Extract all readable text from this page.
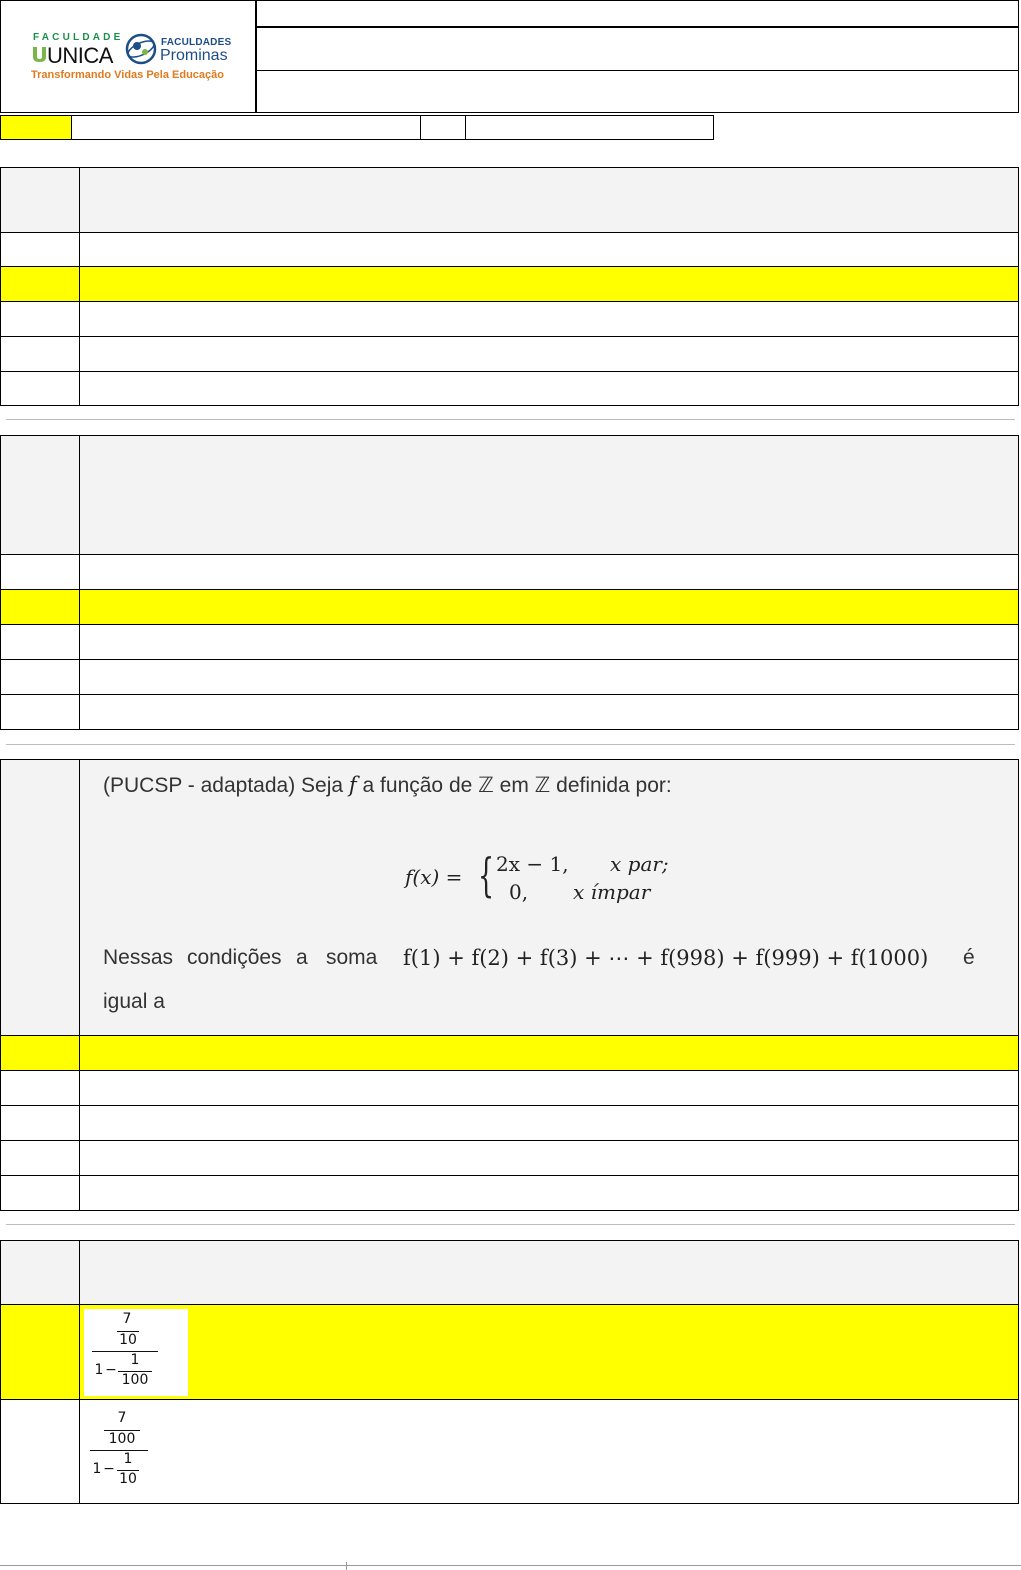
FACULDADE
UNICA
FACULDADES
Prominas
Transformando Vidas Pela Educação
(PUCSP - adaptada) Seja f a função de ℤ em ℤ definida por:
f(x) = { 2x − 1, x par;
0, x ímpar
Nessas condições a soma f(1) + f(2) + f(3) + ⋯ + f(998) + f(999) + f(1000) é
igual a
7
10
1 −
1
100
7
100
1 −
1
10
